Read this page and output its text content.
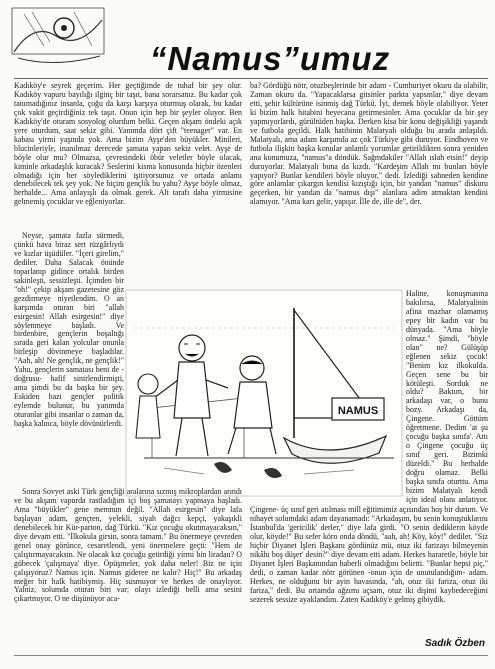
“Namus”umuz

Kadıköy'e seyrek geçerim. Her geçtiğimde de tuhaf bir şey olur. Kadıköy vapuru bayılığı ilginç bir taşıt, bana sorarsanız. Bu kadar çok tanımadığınız insanla, çoğu da karşı karşıya oturmuş olarak, bu kadar çok vakit geçirdiğiniz tek taşıt. Onun için hep bir şeyler oluyor. Ben Kadıköy'de oturam sosyolog olurdum belki. Geçen akşam öndeki açık yere oturdum, saat sekiz gibi. Yanımda dört çift "teenager" var. En kabası yirmi yaşında yok. Ama bizim Ayşe'den büyükler. Minileri, blucinleriyle, inanılmaz derecede şamata yapan sekiz velet. Ayşe de böyle olur mu? Olmazsa, çevresindeki öbür veletler böyle olacak, kiminle arkadaşlık kuracak? Seslerini kisma konusunda hiçbir özenleri olmadığı için her söylediklerini işitiyorsunuz ve ortada anlamı denebilecek tek şey yok. Ne biçim gençlik bu yahu? Ayşe böyle olmaz, herhalde... Ama anlayışlı da olmak gerek. Alt tarafı daha yirmisine gelmemiş çocuklar ve eğleniyorlar.

ba? Gördüğü nötr, otuzbeşlerinde bir adam - Cumhuriyet okuru da olabilir, Zaman okuru da. "Yapacaklarsa gitsinler parkta yapsınlar," diye devam etti, şehir kültürüne isinmiş dağ Türkü. İyi, demek böyle olabiliyor. Yeter ki bizim halk hitabini heyecana getirmesinler. Ama çocuklar da bir şey yapmıyorlardı, gürültüden başka. Derken kisa bir konu değişikliği yaşandı ve futbola geçildi. Halk hatibinin Malatyalı olduğu bu arada anlaşıldı. Malatyalı, ama adam karşımda az çok Türkiye gibi duruyor. Eindhoven ve futbola ilişkin başka konular anlamlı yorumlar getirildikten sonra yeniden ana konumuza, "namus"a döndük. Sağmdakiler "Allah ıslah etsin!" deyip duruyorlar. Malatyalı buna da kızdı. "Kardeşim Allah mı bunları böyle yapıyor? Bunlar kendileri böyle oluyor," dedi. İzlediği sahneden kendine göre anlamlar çıkargın kendisi kızıştığı için, bir yandan "namus" diskuru geçerken, bir yandan da "namus dışı" alanlara adim atmaktan kendini alamıyor. "Ama karı gelir, yapışır. İlle de, ille de", der.

Neyse, şamata fazla sürmedi, çünkü hava biraz sert rüzgârlıydı ve kızlar üşüdüler. "İçeri girelim," dediler. Daha Salacak önünde toparlanıp gidince ortalık birden sakinleşti, sessizleşti. İçimden bir "oh!" çekip akşam gazetesine göz gezdirmeye niyetlendim. O an karşımda oturan biri "allah esirgesin! Allah esirgesin!" diye söylenmeye başladı. Ve birdenbire, gençlerin boşaltığı sırada geri kalan yolcular onunla birleşip dövinmeye başladılar. "Aah, ah! Ne gençlik, ne gençlik!" Yahu, gençlerin samatası beni de -doğrusu- hafif sinirlendirmişti, ama şimdi bu da başka bir şey. Eskiden bazi gençler politik eylemde bulunur, bu yanımda oturanlar gibi insanlar o zaman da, başka kalınca, böyle dövünürlerdi.

NAMUS

Haline, konuşmasına bakılırsa, Malatyalinin afina mazhar olamamış epey bir kadın var bu dünyada. "Ama böyle olmaz." Şimdi, "böyle olan" ne? Gülüşüp eğlenen sekiz çocuk! "Benim kız ilkokulda. Geçen sene bu bir kötüleşti. Sorduk ne oldu? Baktım, bir arkadaşı var, o bunu bozy. Arkadaşı da, Çingene. Göttüm öğretmene. Dedim 'at şu çocuğu başka sınıfa'. Attı o Çingene çocuğu üç sınıf geri. Bizimki düzeldi." Bu herhalde doğru olamaz. Belki başka sınıfa oturttu. Ama bizim Malatyalı kendi için ideal olanı anlatıyor.

Sonra Sovyet aski Türk gençliği aralarına sızmış mikroplardan arındı ve bu akşam vapurda rastladığım içi boş şamatayı yapmaya başladı. Ama "büyükler" gene memnun değil. "Allah esirgesin" diye lafa başlayan adam, gençten, yelekli, siyah dağcı kepçi, yakaşıkli denebilecek bir Kür-parton, dağ Türkü. "Kız çocuğu okutmayacaksın," diye devam etti. "İlkokula girsin, sonra tamam." Bu önermeye çevreden genel onay görünce, cesaretlendi, yeni önermelere geçti: "Hem de çalıştırmayacaksın. Ne olacak kız çocuğu getirdiği yirmi bin liradan? O gübecek 'çalışmaya' diye. Öpüşmeler, yok daha neler! Biz ne için çalışıyoruz? Namus için. Namus gideree ne kalır? Hiç!" Bu arkadaş meğer bir halk hatibiymiş. Hiç susmuyor ve herkes de onaylıyor. Yalniz, solumda oturan biri var; olayı izlediği belli ama sesini çıkartmıyor. O ne düşünüyor aca-

Çingene- üç sınıf geri atılması mill eğitimimiz açısından hoş bir durum. Ve nihayet solumdaki adam dayanamadı: "Arkadaşım, bu senin konuştuklarını İstanbul'da 'gericilik' derler," diye lafa girdi. "O senin dediklerın köyde olur, köyde!" Bu sefer köro onda döndü, "aah, ah! Köy, köy!" dediler. "Siz hiçbir Diyanet İşleri Başkanı gördünüz mü, otuz iki farizayı bilmeyenin nikâhı boş düşer' desin?" diye devam etti adam. Herkes hararetle, böyle bir Diyanet İşleri Başkanından haberli olmadığını belirtti. "Bunlar hepsi piç," dedi, o zaman kadar nötr görünen -onun için de unutulandığım- adam. Herkes, ne olduğunu bir ayin havasında, "ah, otuz iki fariza, otuz iki fariza," dedi. Bu ortamda ağzımı açsam, otuz iki dişimi kaybedeceğimi sezerek sessize ayaklandım. Zaten Kadıköy'e gelmiş gibiydik.

Sadık Özben
